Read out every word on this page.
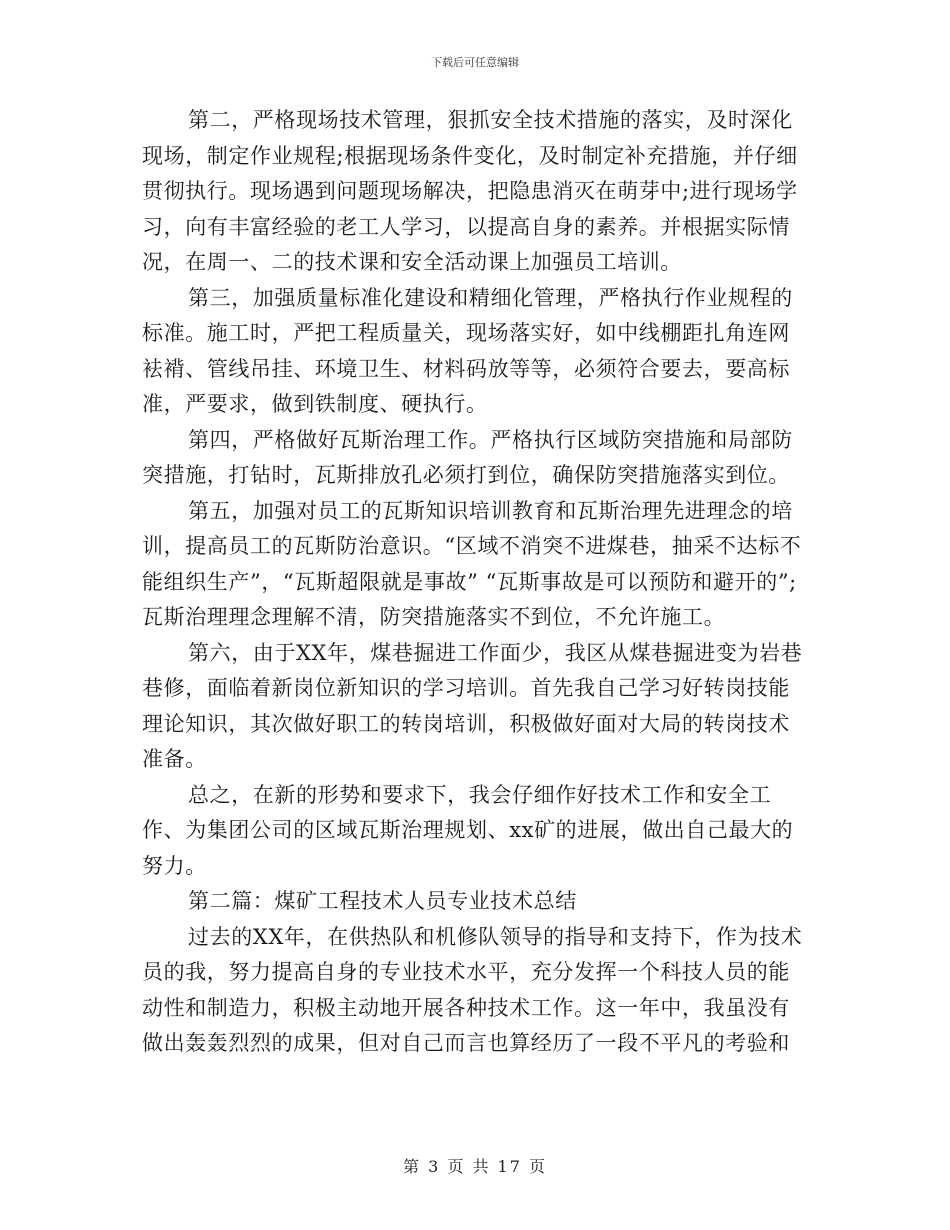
下载后可任意编辑

第二，严格现场技术管理，狠抓安全技术措施的落实，及时深化现场，制定作业规程;根据现场条件变化，及时制定补充措施，并仔细贯彻执行。现场遇到问题现场解决，把隐患消灭在萌芽中;进行现场学习，向有丰富经验的老工人学习，以提高自身的素养。并根据实际情况，在周一、二的技术课和安全活动课上加强员工培训。

第三，加强质量标准化建设和精细化管理，严格执行作业规程的标准。施工时，严把工程质量关，现场落实好，如中线棚距扎角连网袪褙、管线吊挂、环境卫生、材料码放等等，必须符合要去，要高标准，严要求，做到铁制度、硬执行。

第四，严格做好瓦斯治理工作。严格执行区域防突措施和局部防突措施，打钻时，瓦斯排放孔必须打到位，确保防突措施落实到位。

第五，加强对员工的瓦斯知识培训教育和瓦斯治理先进理念的培训，提高员工的瓦斯防治意识。“区域不消突不进煤巷，抽采不达标不能组织生产”，“瓦斯超限就是事故” “瓦斯事故是可以预防和避开的”;瓦斯治理理念理解不清，防突措施落实不到位，不允许施工。

第六，由于XX年，煤巷掘进工作面少，我区从煤巷掘进变为岩巷巷修，面临着新岗位新知识的学习培训。首先我自己学习好转岗技能理论知识，其次做好职工的转岗培训，积极做好面对大局的转岗技术准备。

总之，在新的形势和要求下，我会仔细作好技术工作和安全工作、为集团公司的区域瓦斯治理规划、xx矿的进展，做出自己最大的努力。

第二篇：煤矿工程技术人员专业技术总结

过去的XX年，在供热队和机修队领导的指导和支持下，作为技术员的我，努力提高自身的专业技术水平，充分发挥一个科技人员的能动性和制造力，积极主动地开展各种技术工作。这一年中，我虽没有做出轰轰烈烈的成果，但对自己而言也算经历了一段不平凡的考验和

第 3 页 共 17 页
